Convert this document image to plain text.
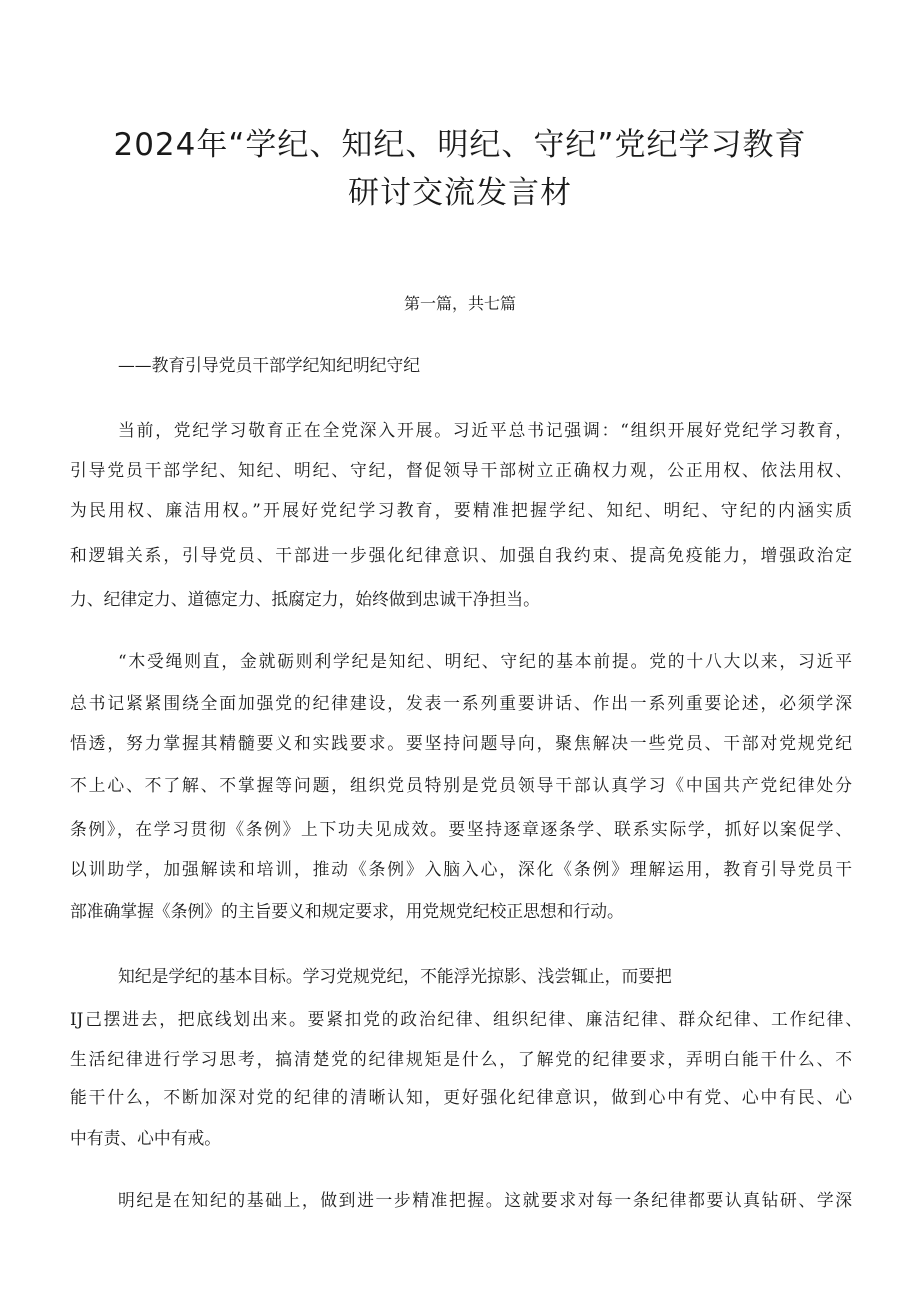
2024年“学纪、知纪、明纪、守纪”党纪学习教育
研讨交流发言材
第一篇，共七篇
——教育引导党员干部学纪知纪明纪守纪
当前，党纪学习敬育正在全党深入开展。习近平总书记强调：“组织开展好党纪学习教育，
引导党员干部学纪、知纪、明纪、守纪，督促领导干部树立正确权力观，公正用权、依法用权、
为民用权、廉洁用权。”开展好党纪学习教育，要精准把握学纪、知纪、明纪、守纪的内涵实质
和逻辑关系，引导党员、干部进一步强化纪律意识、加强自我约束、提高免疫能力，增强政治定
力、纪律定力、道德定力、抵腐定力，始终做到忠诚干净担当。
“木受绳则直，金就砺则利学纪是知纪、明纪、守纪的基本前提。党的十八大以来，习近平
总书记紧紧围绕全面加强党的纪律建设，发表一系列重要讲话、作出一系列重要论述，必须学深
悟透，努力掌握其精髓要义和实践要求。要坚持问题导向，聚焦解决一些党员、干部对党规党纪
不上心、不了解、不掌握等问题，组织党员特别是党员领导干部认真学习《中国共产党纪律处分
条例》，在学习贯彻《条例》上下功夫见成效。要坚持逐章逐条学、联系实际学，抓好以案促学、
以训助学，加强解读和培训，推动《条例》入脑入心，深化《条例》理解运用，教育引导党员干
部准确掌握《条例》的主旨要义和规定要求，用党规党纪校正思想和行动。
知纪是学纪的基本目标。学习党规党纪，不能浮光掠影、浅尝辄止，而要把
IJ己摆进去，把底线划出来。要紧扣党的政治纪律、组织纪律、廉洁纪律、群众纪律、工作纪律、
生活纪律进行学习思考，搞清楚党的纪律规矩是什么，了解党的纪律要求，弄明白能干什么、不
能干什么，不断加深对党的纪律的清晰认知，更好强化纪律意识，做到心中有党、心中有民、心
中有责、心中有戒。
明纪是在知纪的基础上，做到进一步精准把握。这就要求对每一条纪律都要认真钻研、学深
